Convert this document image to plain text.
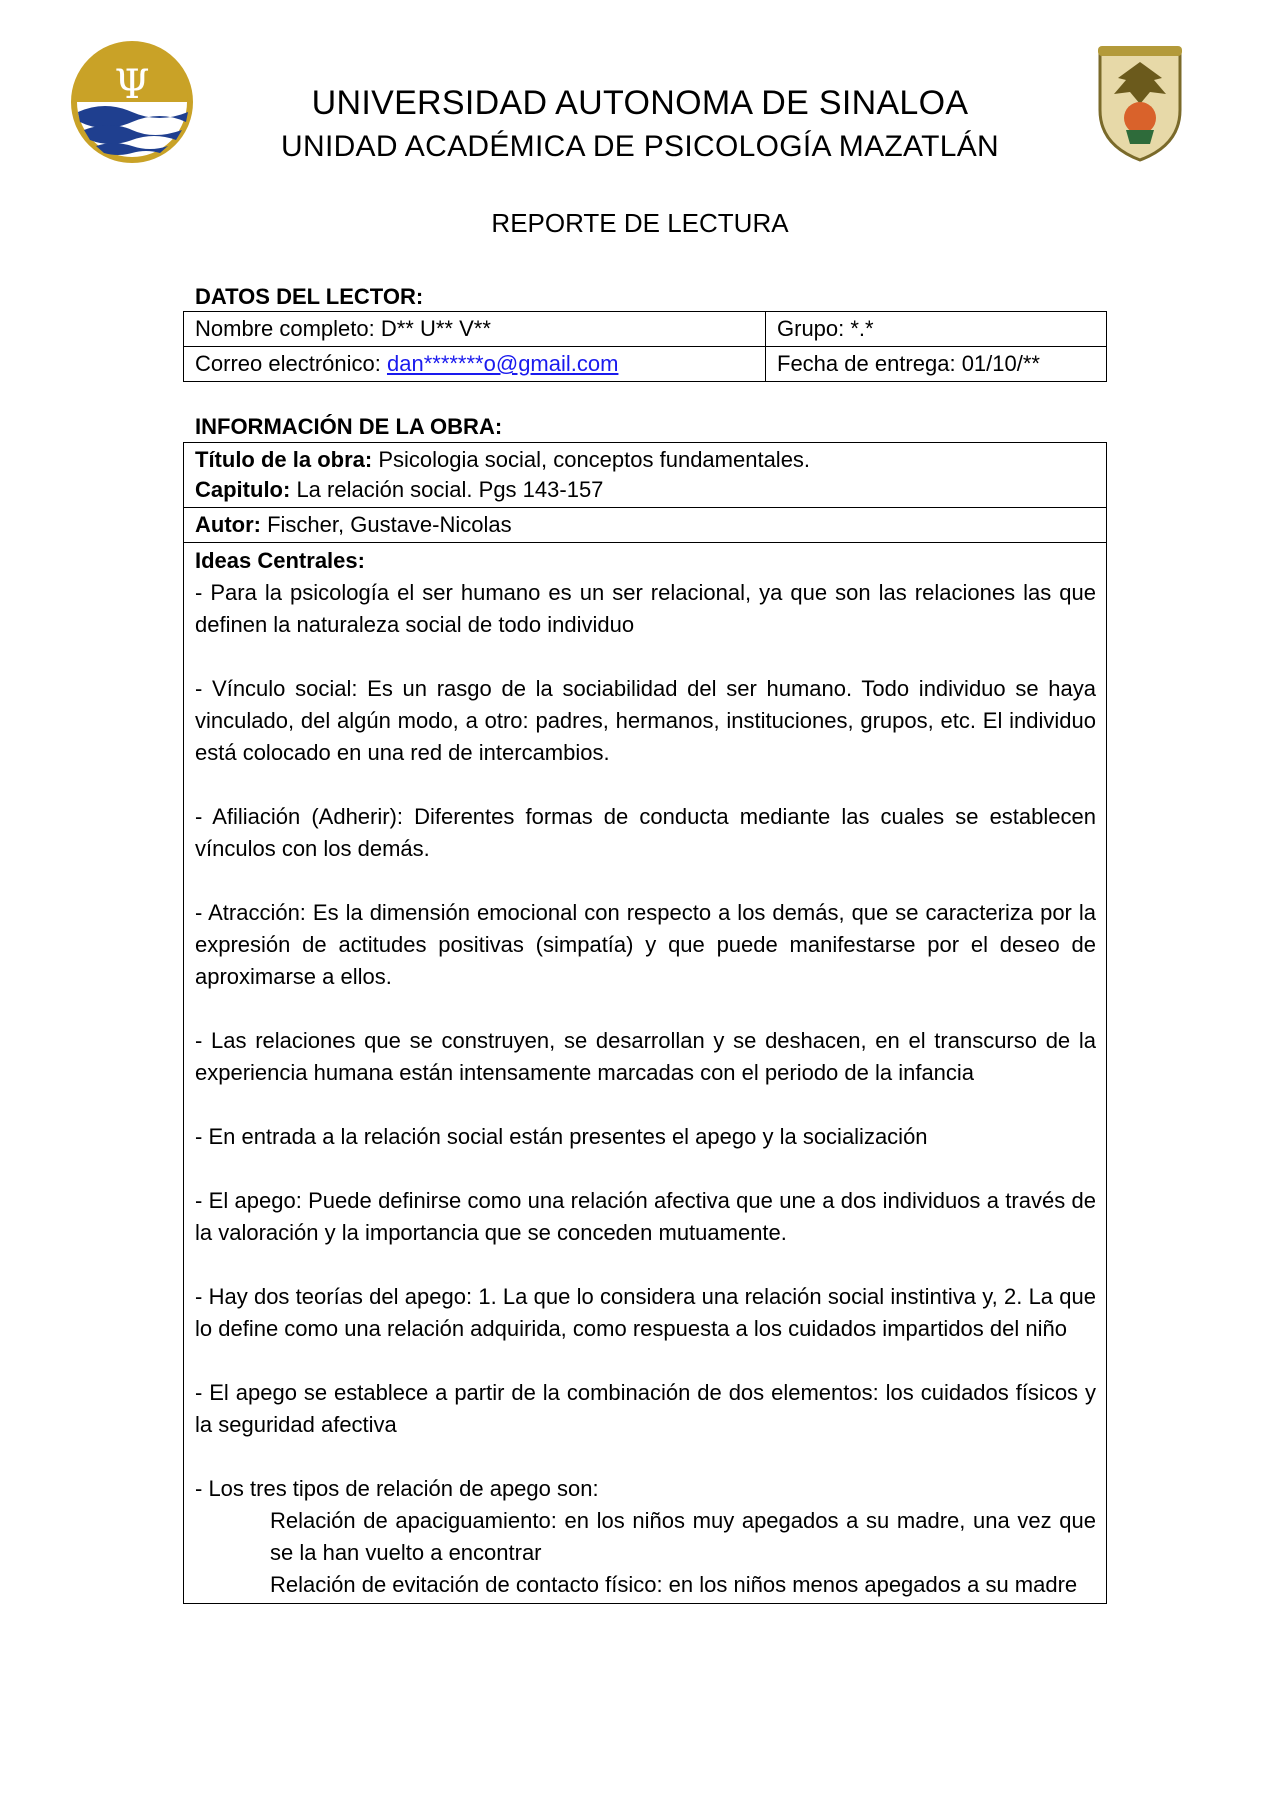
Ψ	UNIVERSIDAD AUTONOMA DE SINALOA
UNIDAD ACADÉMICA DE PSICOLOGÍA MAZATLÁN
REPORTE DE LECTURA
DATOS DEL LECTOR:
Nombre completo: D** U** V**	Grupo: *.*
Correo electrónico: dan*******o@gmail.com	Fecha de entrega: 01/10/**
INFORMACIÓN DE LA OBRA:
Título de la obra: Psicologia social, conceptos fundamentales.
Capitulo: La relación social. Pgs 143-157

Autor: Fischer, Gustave-Nicolas

Ideas Centrales:

- Para la psicología el ser humano es un ser relacional, ya que son las relaciones las que definen la naturaleza social de todo individuo

- Vínculo social: Es un rasgo de la sociabilidad del ser humano. Todo individuo se haya vinculado, del algún modo, a otro: padres, hermanos, instituciones, grupos, etc. El individuo está colocado en una red de intercambios.

- Afiliación (Adherir): Diferentes formas de conducta mediante las cuales se establecen vínculos con los demás.

- Atracción: Es la dimensión emocional con respecto a los demás, que se caracteriza por la expresión de actitudes positivas (simpatía) y que puede manifestarse por el deseo de aproximarse a ellos.

- Las relaciones que se construyen, se desarrollan y se deshacen, en el transcurso de la experiencia humana están intensamente marcadas con el periodo de la infancia

- En entrada a la relación social están presentes el apego y la socialización

- El apego: Puede definirse como una relación afectiva que une a dos individuos a través de la valoración y la importancia que se conceden mutuamente.

- Hay dos teorías del apego: 1. La que lo considera una relación social instintiva y, 2. La que lo define como una relación adquirida, como respuesta a los cuidados impartidos del niño

- El apego se establece a partir de la combinación de dos elementos: los cuidados físicos y la seguridad afectiva

- Los tres tipos de relación de apego son:
Relación de apaciguamiento: en los niños muy apegados a su madre, una vez que se la han vuelto a encontrar
Relación de evitación de contacto físico: en los niños menos apegados a su madre
